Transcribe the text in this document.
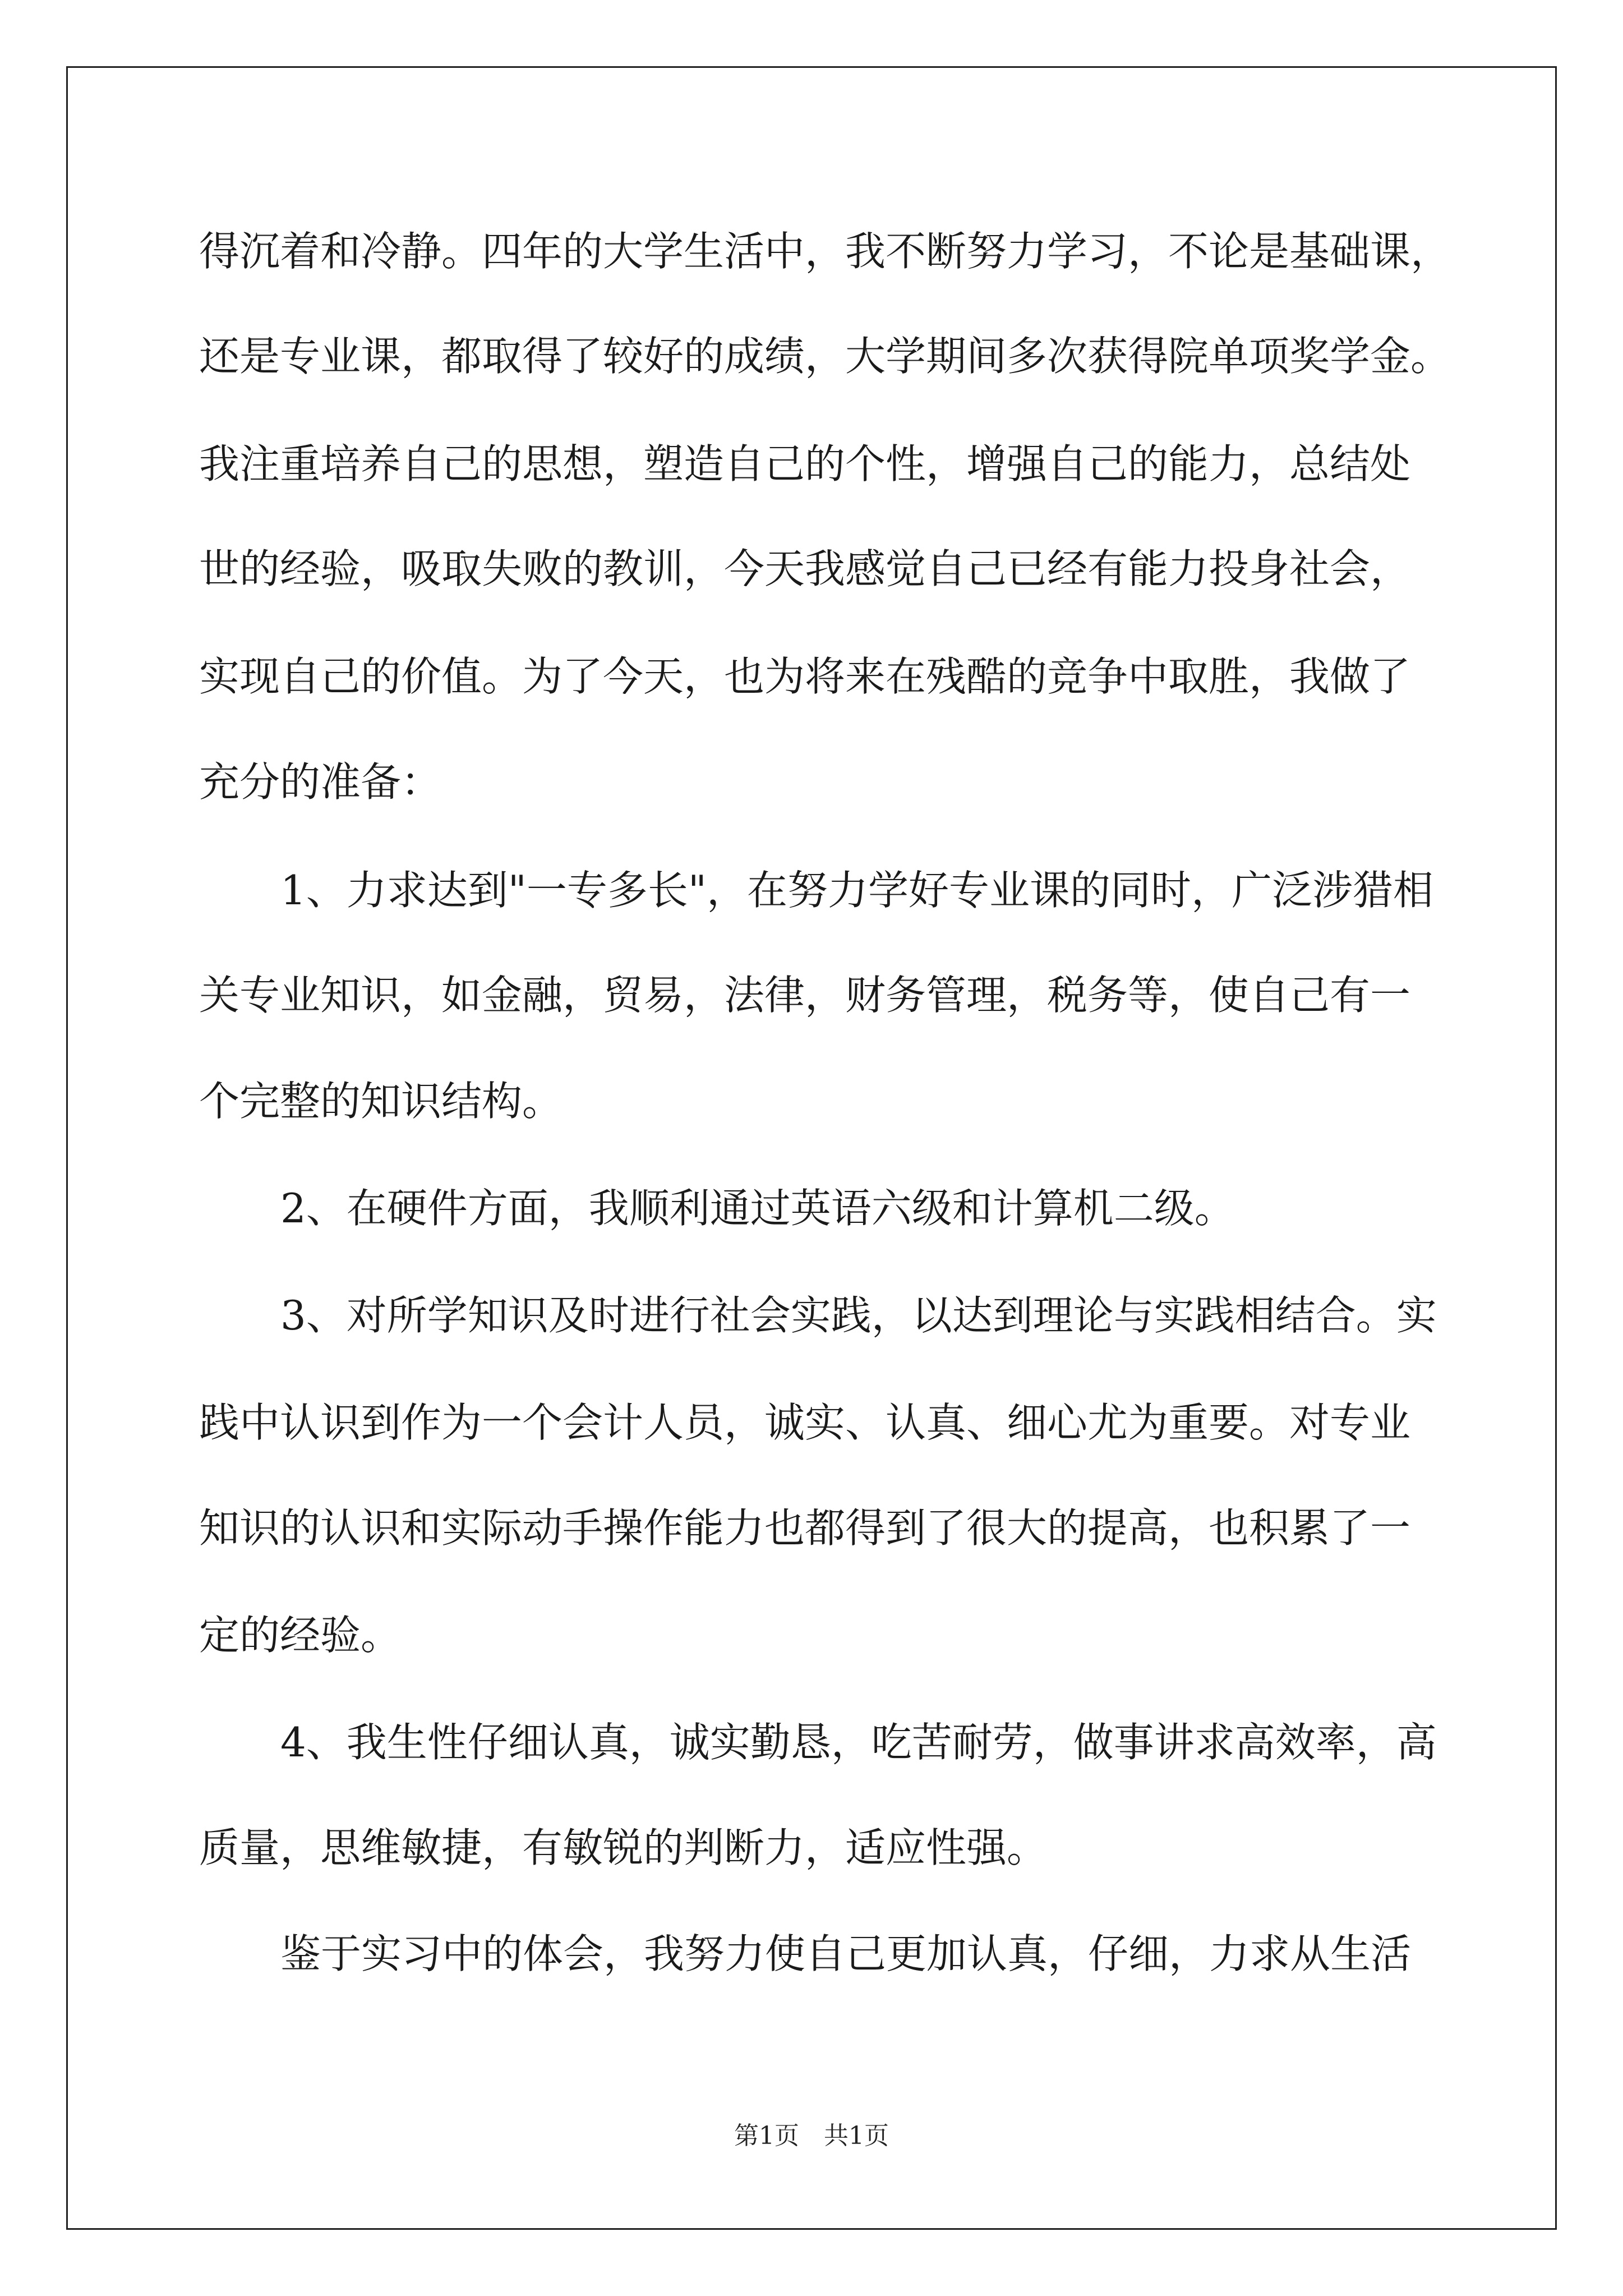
得沉着和冷静。四年的大学生活中，我不断努力学习，不论是基础课，
还是专业课，都取得了较好的成绩，大学期间多次获得院单项奖学金。
我注重培养自己的思想，塑造自己的个性，增强自己的能力，总结处
世的经验，吸取失败的教训，今天我感觉自己已经有能力投身社会，
实现自己的价值。为了今天，也为将来在残酷的竞争中取胜，我做了
充分的准备：
1、力求达到"一专多长"，在努力学好专业课的同时，广泛涉猎相
关专业知识，如金融，贸易，法律，财务管理，税务等，使自己有一
个完整的知识结构。
2、在硬件方面，我顺利通过英语六级和计算机二级。
3、对所学知识及时进行社会实践，以达到理论与实践相结合。实
践中认识到作为一个会计人员，诚实、认真、细心尤为重要。对专业
知识的认识和实际动手操作能力也都得到了很大的提高，也积累了一
定的经验。
4、我生性仔细认真，诚实勤恳，吃苦耐劳，做事讲求高效率，高
质量，思维敏捷，有敏锐的判断力，适应性强。
鉴于实习中的体会，我努力使自己更加认真，仔细，力求从生活
第1页　共1页
